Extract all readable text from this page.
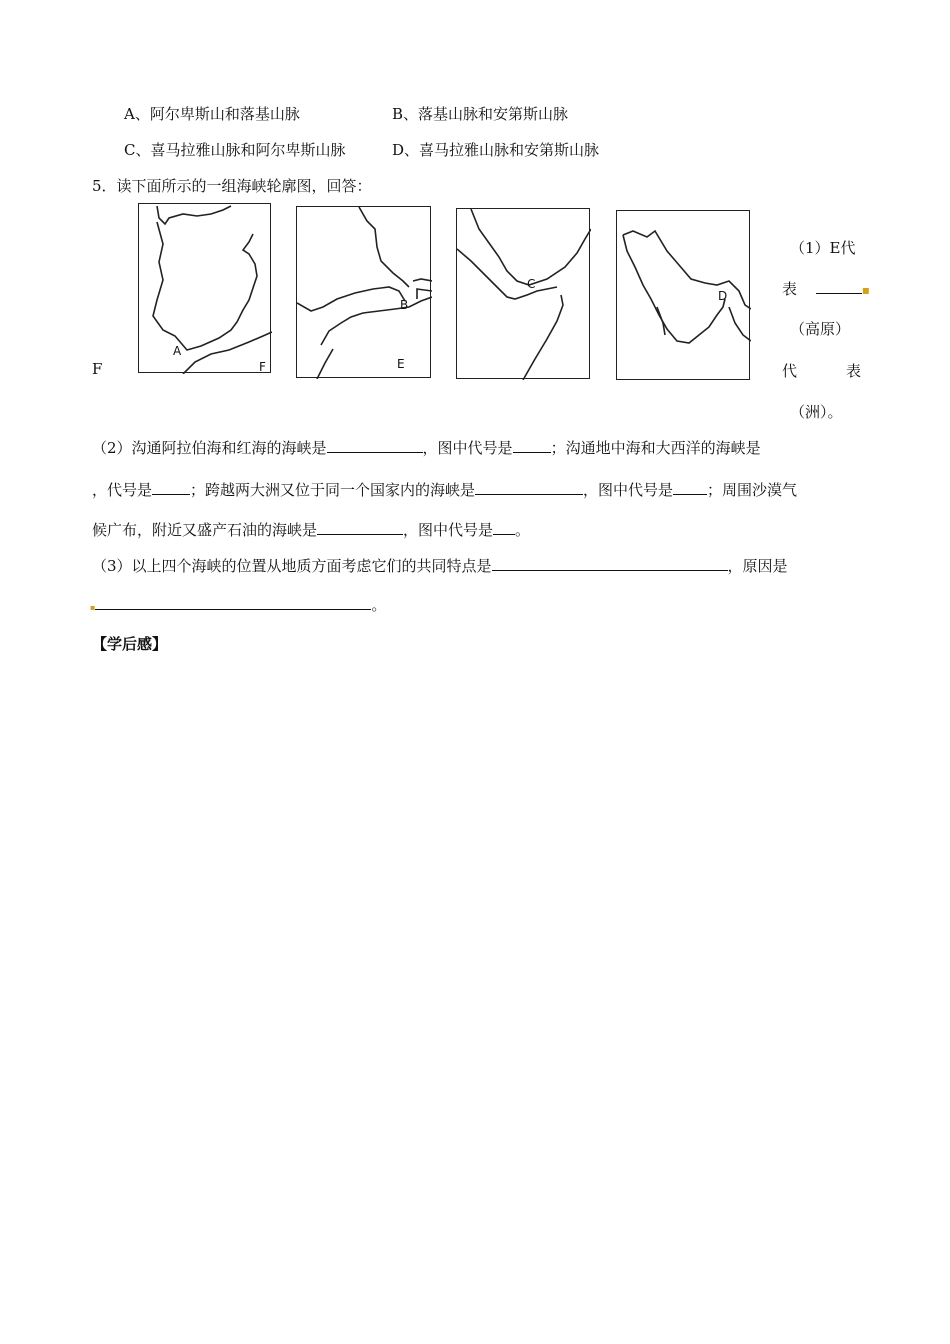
A、阿尔卑斯山和落基山脉	B、落基山脉和安第斯山脉
C、喜马拉雅山脉和阿尔卑斯山脉	D、喜马拉雅山脉和安第斯山脉
5．读下面所示的一组海峡轮廓图，回答：
F
A
F
B
E
C
D
（1）E代
表	▪
（高原）
代	表
（洲）。
（2）沟通阿拉伯海和红海的海峡是	，图中代号是	；沟通地中海和大西洋的海峡是
，代号是	；跨越两大洲又位于同一个国家内的海峡是	，图中代号是 ；周围沙漠气
候广布，附近又盛产石油的海峡是	，图中代号是 。
（3）以上四个海峡的位置从地质方面考虑它们的共同特点是	，原因是
▪	。
【学后感】
